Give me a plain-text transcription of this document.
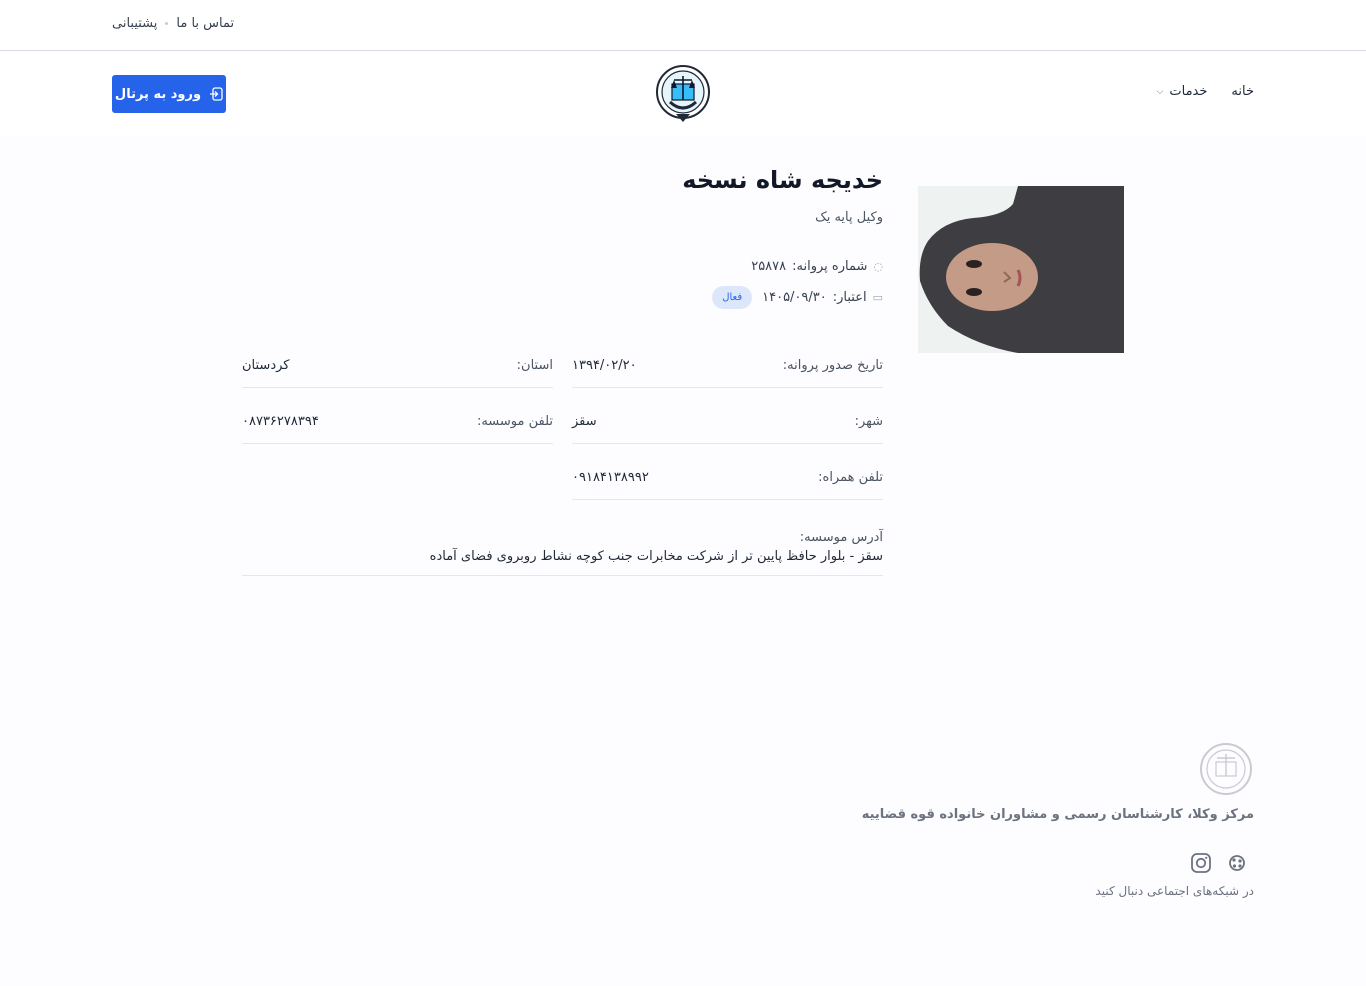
تماس با ما
پشتیبانی
خانه
خدمات
⌵
ورود به پرتال
خدیجه شاه نسخه
وکیل پایه یک
◌
شماره پروانه:
۲۵۸۷۸
▭
اعتبار:
۱۴۰۵/۰۹/۳۰
فعال
تاریخ صدور پروانه:
۱۳۹۴/۰۲/۲۰
استان:
کردستان
شهر:
سقز
تلفن موسسه:
۰۸۷۳۶۲۷۸۳۹۴
تلفن همراه:
۰۹۱۸۴۱۳۸۹۹۲
آدرس موسسه:
سقز - بلوار حافظ پایین تر از شرکت مخابرات جنب کوچه نشاط روبروی فضای آماده
مرکز وکلا، کارشناسان رسمی و مشاوران خانواده قوه قضاییه
در شبکه‌های اجتماعی دنبال کنید
